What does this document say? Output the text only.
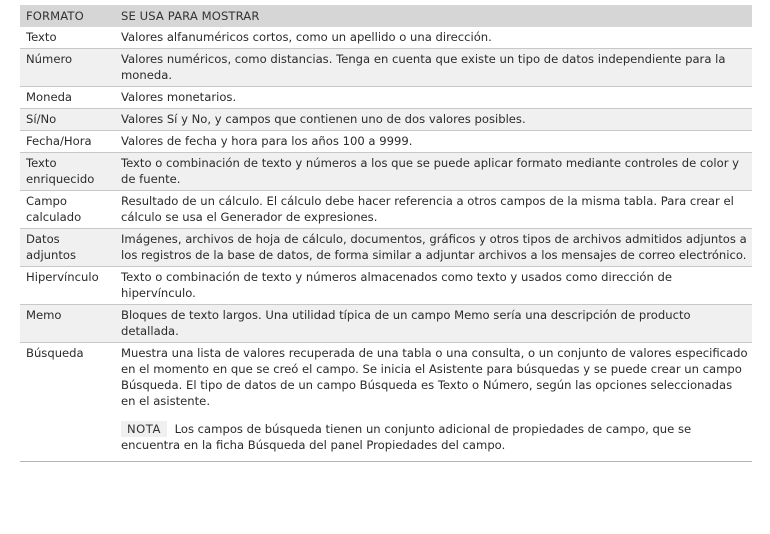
FORMATO	SE USA PARA MOSTRAR
Texto	Valores alfanuméricos cortos, como un apellido o una dirección.
Número	Valores numéricos, como distancias. Tenga en cuenta que existe un tipo de datos independiente para la moneda.
Moneda	Valores monetarios.
Sí/No	Valores Sí y No, y campos que contienen uno de dos valores posibles.
Fecha/Hora	Valores de fecha y hora para los años 100 a 9999.
Texto enriquecido	Texto o combinación de texto y números a los que se puede aplicar formato mediante controles de color y de fuente.
Campo calculado	Resultado de un cálculo. El cálculo debe hacer referencia a otros campos de la misma tabla. Para crear el cálculo se usa el Generador de expresiones.
Datos adjuntos	Imágenes, archivos de hoja de cálculo, documentos, gráficos y otros tipos de archivos admitidos adjuntos a los registros de la base de datos, de forma similar a adjuntar archivos a los mensajes de correo electrónico.
Hipervínculo	Texto o combinación de texto y números almacenados como texto y usados como dirección de hipervínculo.
Memo	Bloques de texto largos. Una utilidad típica de un campo Memo sería una descripción de producto detallada.
Búsqueda	Muestra una lista de valores recuperada de una tabla o una consulta, o un conjunto de valores especificado en el momento en que se creó el campo. Se inicia el Asistente para búsquedas y se puede crear un campo Búsqueda. El tipo de datos de un campo Búsqueda es Texto o Número, según las opciones seleccionadas en el asistente.
NOTA Los campos de búsqueda tienen un conjunto adicional de propiedades de campo, que se encuentra en la ficha Búsqueda del panel Propiedades del campo.
